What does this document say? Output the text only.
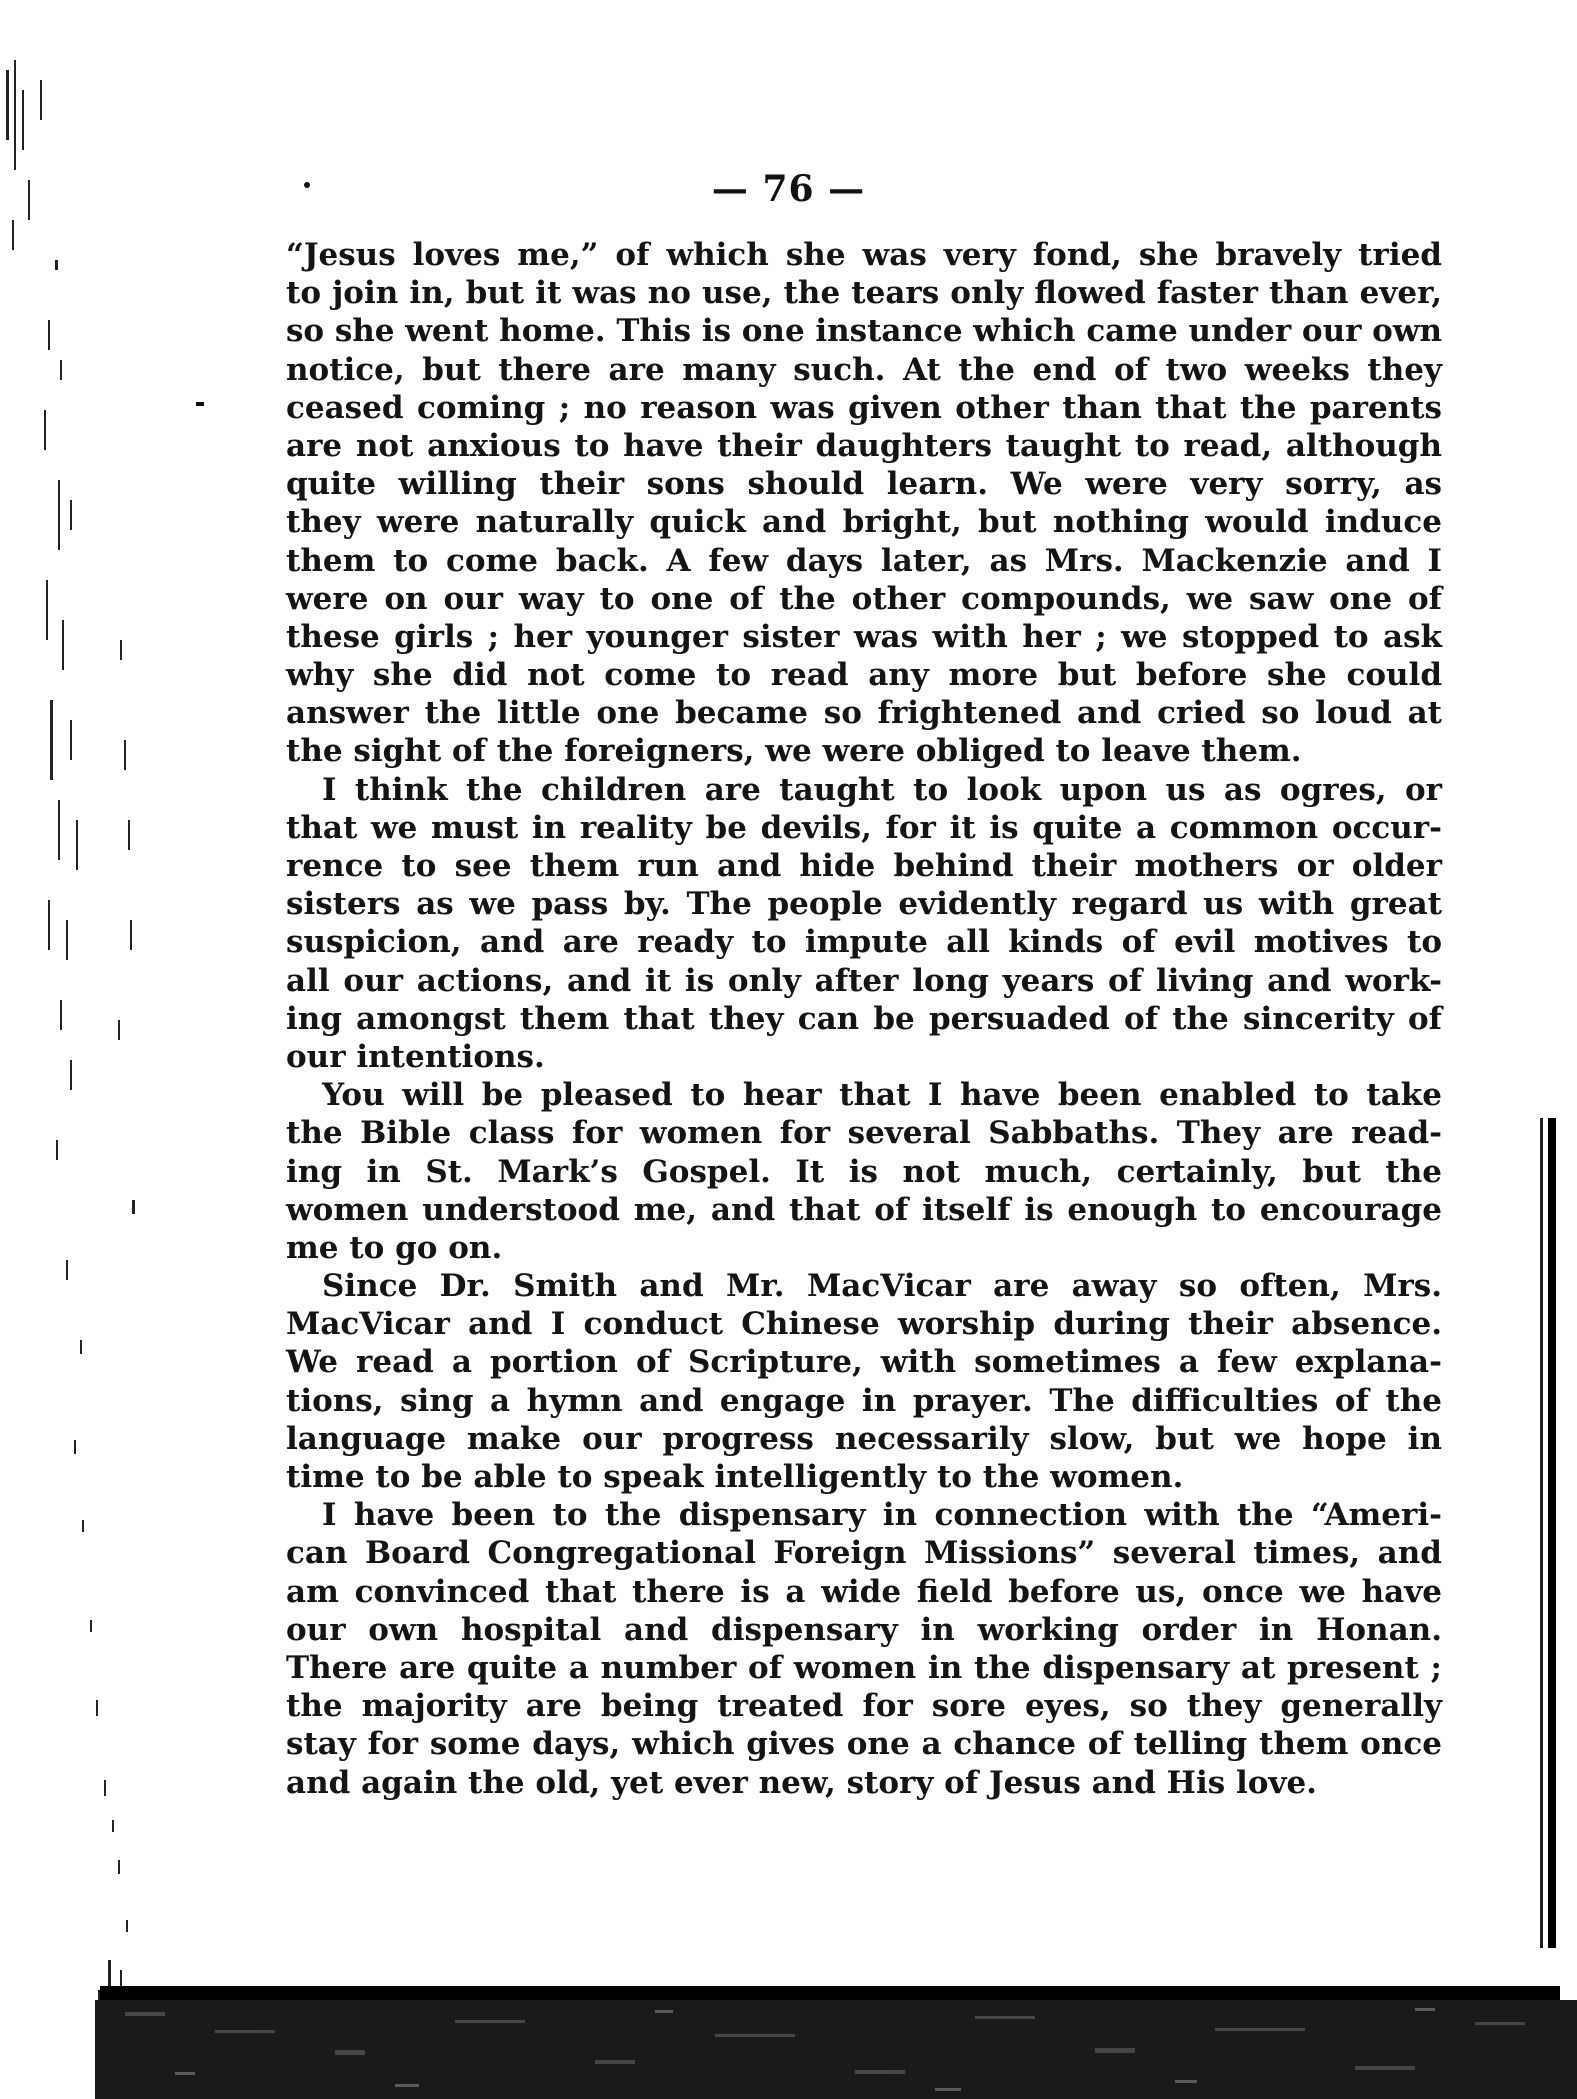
— 76 —
“Jesus loves me,” of which she was very fond, she bravely tried
to join in, but it was no use, the tears only flowed faster than ever,
so she went home. This is one instance which came under our own
notice, but there are many such. At the end of two weeks they
ceased coming ; no reason was given other than that the parents
are not anxious to have their daughters taught to read, although
quite willing their sons should learn. We were very sorry, as
they were naturally quick and bright, but nothing would induce
them to come back. A few days later, as Mrs. Mackenzie and I
were on our way to one of the other compounds, we saw one of
these girls ; her younger sister was with her ; we stopped to ask
why she did not come to read any more but before she could
answer the little one became so frightened and cried so loud at
the sight of the foreigners, we were obliged to leave them.
I think the children are taught to look upon us as ogres, or
that we must in reality be devils, for it is quite a common occur-
rence to see them run and hide behind their mothers or older
sisters as we pass by. The people evidently regard us with great
suspicion, and are ready to impute all kinds of evil motives to
all our actions, and it is only after long years of living and work-
ing amongst them that they can be persuaded of the sincerity of
our intentions.
You will be pleased to hear that I have been enabled to take
the Bible class for women for several Sabbaths. They are read-
ing in St. Mark’s Gospel. It is not much, certainly, but the
women understood me, and that of itself is enough to encourage
me to go on.
Since Dr. Smith and Mr. MacVicar are away so often, Mrs.
MacVicar and I conduct Chinese worship during their absence.
We read a portion of Scripture, with sometimes a few explana-
tions, sing a hymn and engage in prayer. The difficulties of the
language make our progress necessarily slow, but we hope in
time to be able to speak intelligently to the women.
I have been to the dispensary in connection with the “Ameri-
can Board Congregational Foreign Missions” several times, and
am convinced that there is a wide field before us, once we have
our own hospital and dispensary in working order in Honan.
There are quite a number of women in the dispensary at present ;
the majority are being treated for sore eyes, so they generally
stay for some days, which gives one a chance of telling them once
and again the old, yet ever new, story of Jesus and His love.
